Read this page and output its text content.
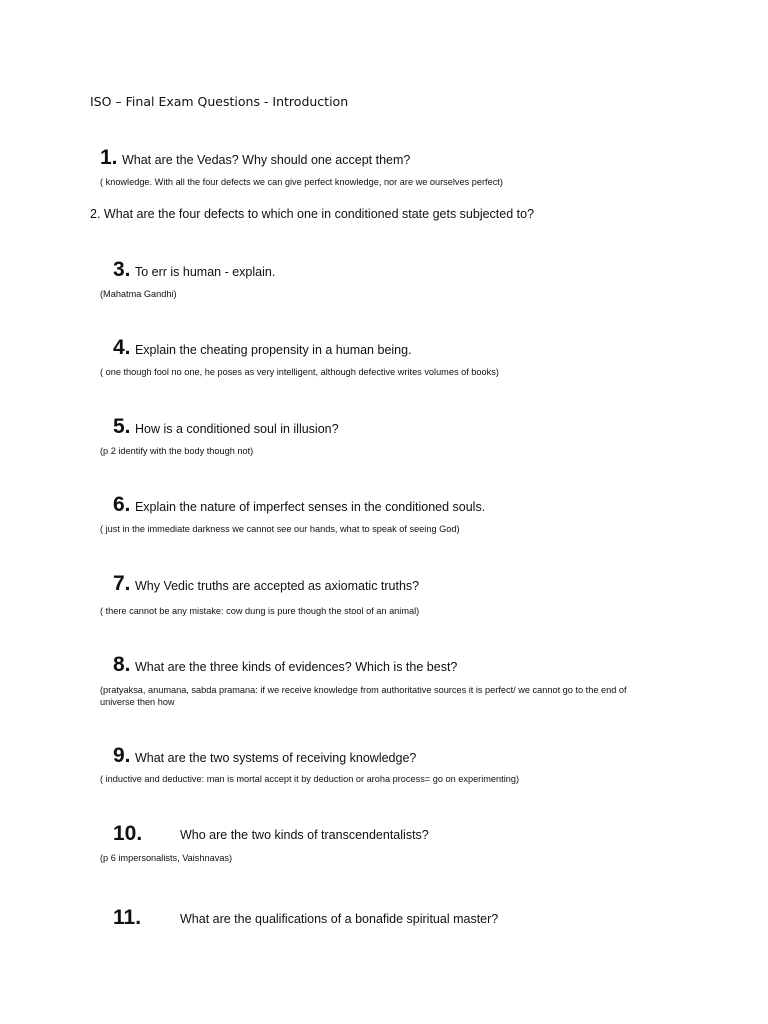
ISO – Final Exam Questions - Introduction
1. What are the Vedas? Why should one accept them?
( knowledge. With all the four defects we can give perfect knowledge, nor are we ourselves perfect)
2. What are the four defects to which one in conditioned state gets subjected to?
3. To err is human - explain.
(Mahatma Gandhi)
4. Explain the cheating propensity in a human being.
( one though fool no one, he poses as very intelligent, although defective writes volumes of books)
5. How is a conditioned soul in illusion?
(p 2 identify with the body though not)
6. Explain the nature of imperfect senses in the conditioned souls.
( just in the immediate darkness we cannot see our hands, what to speak of seeing God)
7. Why Vedic truths are accepted as axiomatic truths?
( there cannot be any mistake: cow dung is pure though the stool of an animal)
8. What are the three kinds of evidences? Which is the best?
(pratyaksa, anumana, sabda pramana: if we receive knowledge from authoritative sources it is perfect/ we cannot go to the end of universe then how
9. What are the two systems of receiving knowledge?
( inductive and deductive: man is mortal accept it by deduction or aroha process= go on experimenting)
10.	Who are the two kinds of transcendentalists?
(p 6 impersonalists, Vaishnavas)
11.	What are the qualifications of a bonafide spiritual master?
